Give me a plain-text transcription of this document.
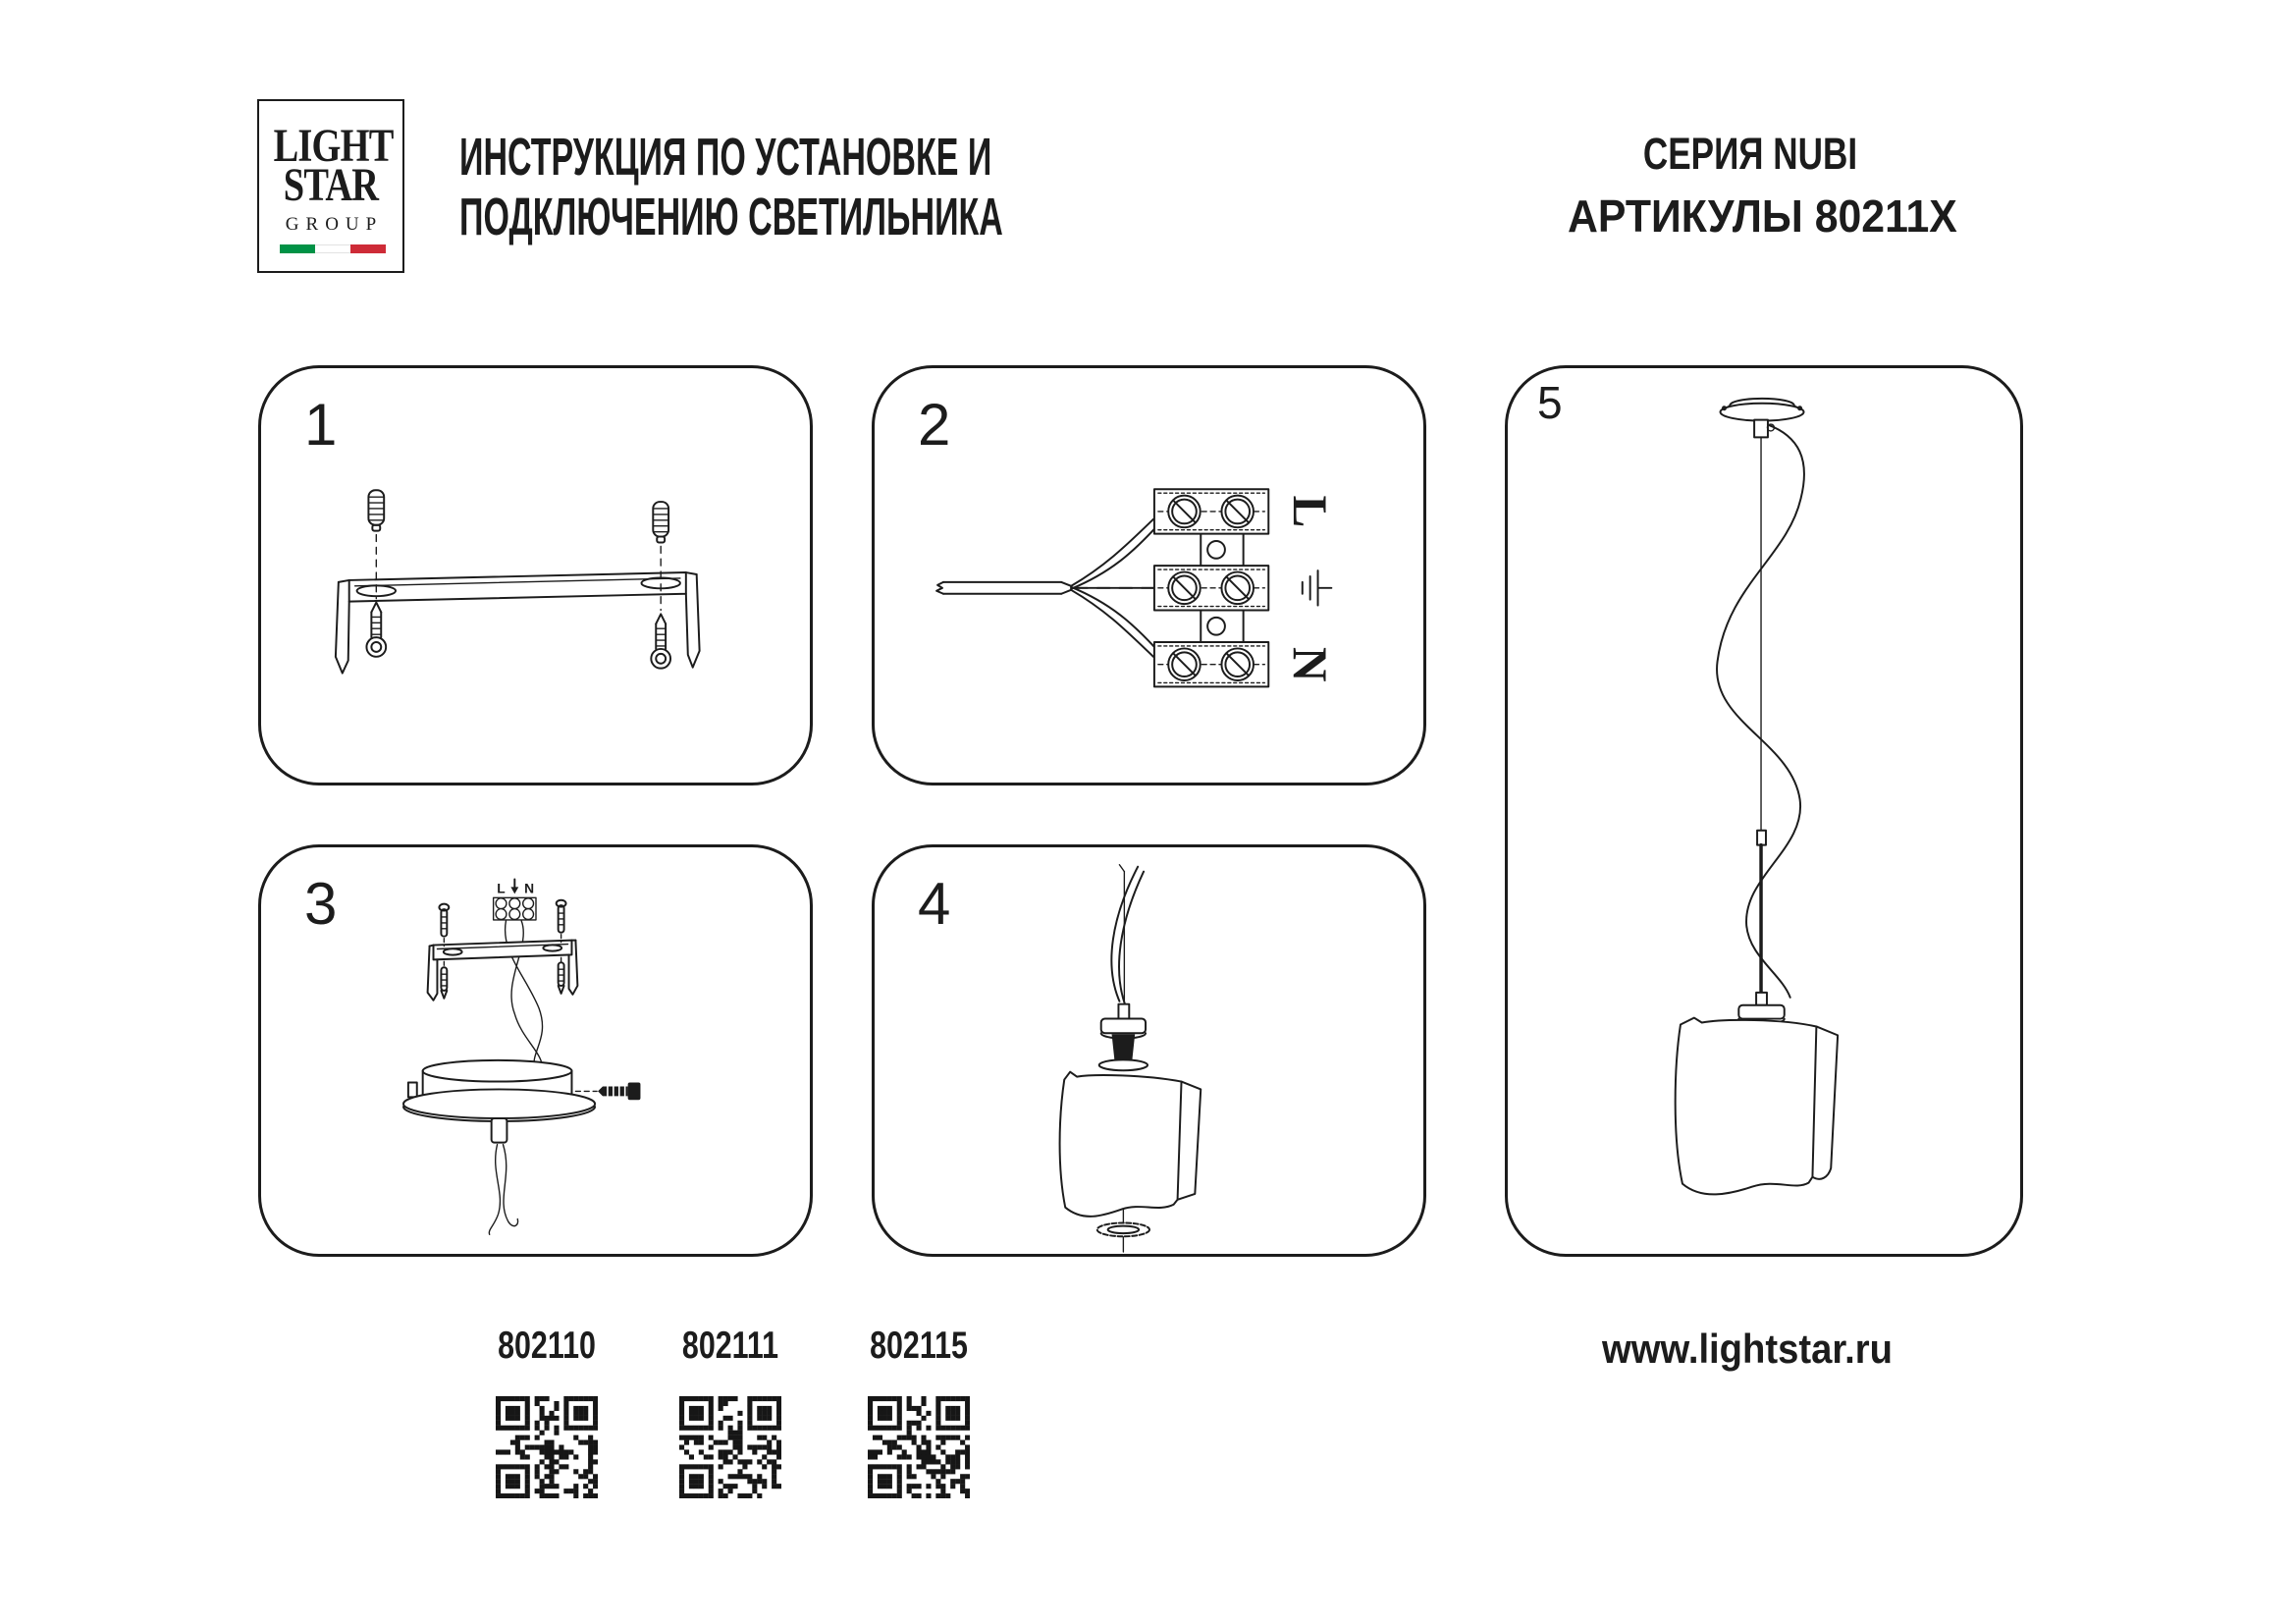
LIGHT
STAR
GROUP
ИНСТРУКЦИЯ ПО УСТАНОВКЕ И
ПОДКЛЮЧЕНИЮ СВЕТИЛЬНИКА
СЕРИЯ NUBI
АРТИКУЛЫ 80211X
1
L
N
2
L N
3	4
5
802110	802111	802115	www.lightstar.ru
